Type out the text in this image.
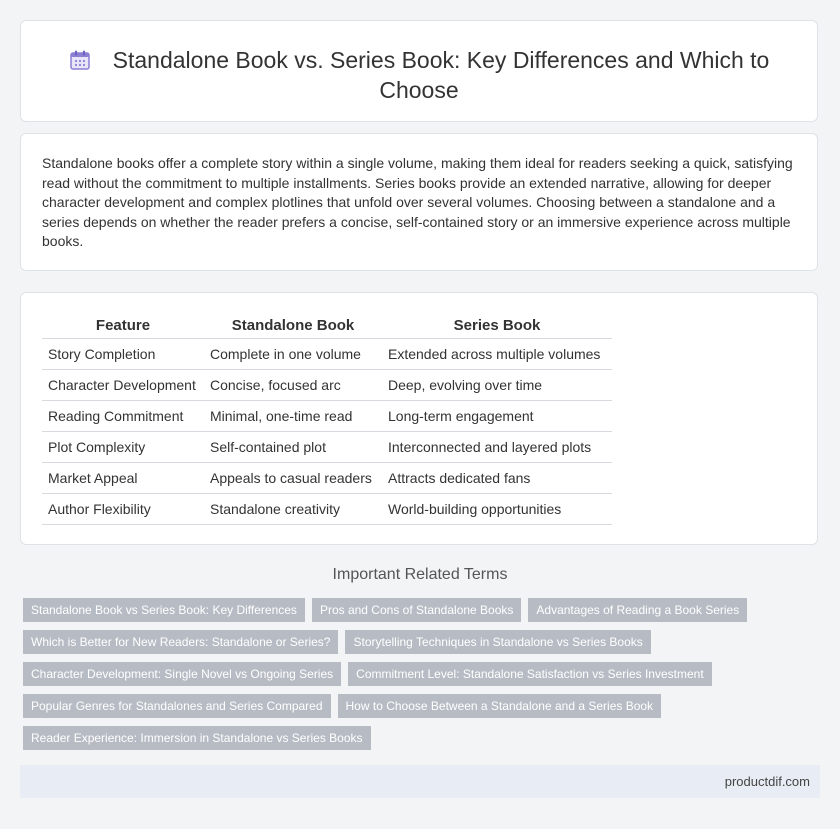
Standalone Book vs. Series Book: Key Differences and Which to Choose
Standalone books offer a complete story within a single volume, making them ideal for readers seeking a quick, satisfying read without the commitment to multiple installments. Series books provide an extended narrative, allowing for deeper character development and complex plotlines that unfold over several volumes. Choosing between a standalone and a series depends on whether the reader prefers a concise, self-contained story or an immersive experience across multiple books.
Feature	Standalone Book	Series Book
Story Completion	Complete in one volume	Extended across multiple volumes
Character Development	Concise, focused arc	Deep, evolving over time
Reading Commitment	Minimal, one-time read	Long-term engagement
Plot Complexity	Self-contained plot	Interconnected and layered plots
Market Appeal	Appeals to casual readers	Attracts dedicated fans
Author Flexibility	Standalone creativity	World-building opportunities
Important Related Terms
Standalone Book vs Series Book: Key Differences	Pros and Cons of Standalone Books	Advantages of Reading a Book Series
Which is Better for New Readers: Standalone or Series?	Storytelling Techniques in Standalone vs Series Books
Character Development: Single Novel vs Ongoing Series	Commitment Level: Standalone Satisfaction vs Series Investment
Popular Genres for Standalones and Series Compared	How to Choose Between a Standalone and a Series Book
Reader Experience: Immersion in Standalone vs Series Books
productdif.com
